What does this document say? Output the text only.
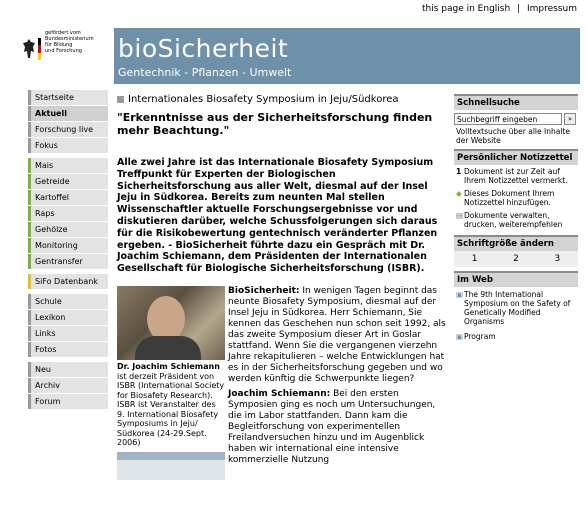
this page in English | Impressum
gefördert vom
Bundesministerium
für Bildung
und Forschung	bioSicherheit
Gentechnik - Pflanzen - Umwelt
Startseite
Aktuell
Forschung live
Fokus
Mais
Getreide
Kartoffel
Raps
Gehölze
Monitoring
Gentransfer
SiFo Datenbank
Schule
Lexikon
Links
Fotos
Neu
Archiv
Forum
Internationales Biosafety Symposium in Jeju/Südkorea
"Erkenntnisse aus der Sicherheitsforschung finden mehr Beachtung."
Alle zwei Jahre ist das Internationale Biosafety Symposium Treffpunkt für Experten der Biologischen Sicherheitsforschung aus aller Welt, diesmal auf der Insel Jeju in Südkorea. Bereits zum neunten Mal stellen Wissenschaftler aktuelle Forschungsergebnisse vor und diskutieren darüber, welche Schussfolgerungen sich daraus für die Risikobewertung gentechnisch veränderter Pflanzen ergeben. - BioSicherheit führte dazu ein Gespräch mit Dr. Joachim Schiemann, dem Präsidenten der Internationalen Gesellschaft für Biologische Sicherheitsforschung (ISBR).
Dr. Joachim Schiemann ist derzeit Präsident von ISBR (International Society for Biosafety Research). ISBR ist Veranstalter des 9. International Biosafety Symposiums in Jeju/ Südkorea (24-29.Sept. 2006)

BioSicherheit: In wenigen Tagen beginnt das neunte Biosafety Symposium, diesmal auf der Insel Jeju in Südkorea. Herr Schiemann, Sie kennen das Geschehen nun schon seit 1992, als das zweite Symposium dieser Art in Goslar stattfand. Wenn Sie die vergangenen vierzehn Jahre rekapitulieren – welche Entwicklungen hat es in der Sicherheitsforschung gegeben und wo werden künftig die Schwerpunkte liegen?

Joachim Schiemann: Bei den ersten Symposien ging es noch um Untersuchungen, die im Labor stattfanden. Dann kam die Begleitforschung von experimentellen Freilandversuchen hinzu und im Augenblick haben wir international eine intensive kommerzielle Nutzung

Schnellsuche
Suchbegriff eingeben
»
Volltextsuche über alle Inhalte der Website
Persönlicher Notizzettel
1 Dokument ist zur Zeit auf Ihrem Notizzettel vermerkt.
◆ Dieses Dokument Ihrem Notizzettel hinzufügen.
▤ Dokumente verwalten, drucken, weiterempfehlen
Schriftgröße ändern
1	2	3
Im Web
▣ The 9th International Symposium on the Safety of Genetically Modified Organisms
▣ Program
